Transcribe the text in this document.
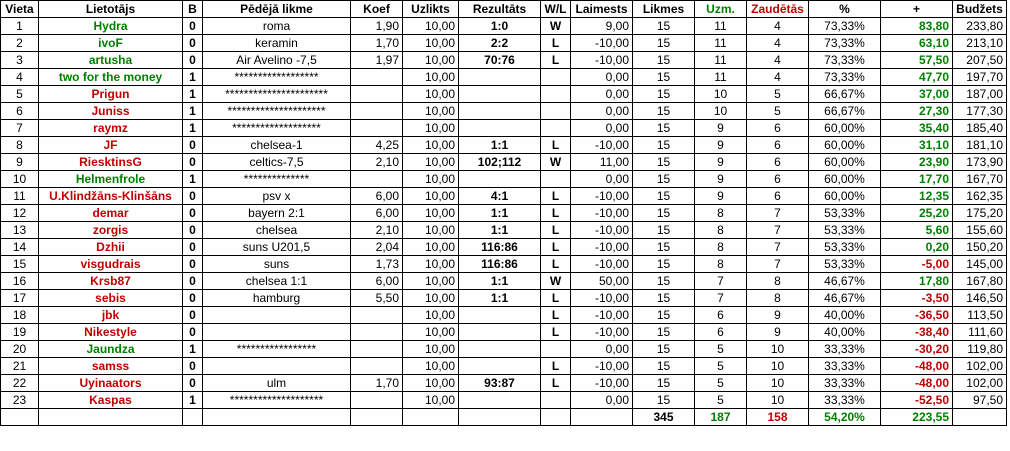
Vieta	Lietotājs	B	Pēdējā likme	Koef	Uzlikts	Rezultāts	W/L	Laimests	Likmes	Uzm.	Zaudētās	%	+	Budžets
1	Hydra	0	roma	1,90	10,00	1:0	W	9,00	15	11	4	73,33%	83,80	233,80
2	ivoF	0	keramin	1,70	10,00	2:2	L	-10,00	15	11	4	73,33%	63,10	213,10
3	artusha	0	Air Avelino -7,5	1,97	10,00	70:76	L	-10,00	15	11	4	73,33%	57,50	207,50
4	two for the money	1	******************		10,00			0,00	15	11	4	73,33%	47,70	197,70
5	Prigun	1	**********************		10,00			0,00	15	10	5	66,67%	37,00	187,00
6	Juniss	1	*********************		10,00			0,00	15	10	5	66,67%	27,30	177,30
7	raymz	1	*******************		10,00			0,00	15	9	6	60,00%	35,40	185,40
8	JF	0	chelsea-1	4,25	10,00	1:1	L	-10,00	15	9	6	60,00%	31,10	181,10
9	RiesktinsG	0	celtics-7,5	2,10	10,00	102;112	W	11,00	15	9	6	60,00%	23,90	173,90
10	Helmenfrole	1	**************		10,00			0,00	15	9	6	60,00%	17,70	167,70
11	U.Klindžāns-Klinšāns	0	psv x	6,00	10,00	4:1	L	-10,00	15	9	6	60,00%	12,35	162,35
12	demar	0	bayern 2:1	6,00	10,00	1:1	L	-10,00	15	8	7	53,33%	25,20	175,20
13	zorgis	0	chelsea	2,10	10,00	1:1	L	-10,00	15	8	7	53,33%	5,60	155,60
14	Dzhii	0	suns U201,5	2,04	10,00	116:86	L	-10,00	15	8	7	53,33%	0,20	150,20
15	visgudrais	0	suns	1,73	10,00	116:86	L	-10,00	15	8	7	53,33%	-5,00	145,00
16	Krsb87	0	chelsea 1:1	6,00	10,00	1:1	W	50,00	15	7	8	46,67%	17,80	167,80
17	sebis	0	hamburg	5,50	10,00	1:1	L	-10,00	15	7	8	46,67%	-3,50	146,50
18	jbk	0			10,00		L	-10,00	15	6	9	40,00%	-36,50	113,50
19	Nikestyle	0			10,00		L	-10,00	15	6	9	40,00%	-38,40	111,60
20	Jaundza	1	*****************		10,00			0,00	15	5	10	33,33%	-30,20	119,80
21	samss	0			10,00		L	-10,00	15	5	10	33,33%	-48,00	102,00
22	Uyinaators	0	ulm	1,70	10,00	93:87	L	-10,00	15	5	10	33,33%	-48,00	102,00
23	Kaspas	1	********************		10,00			0,00	15	5	10	33,33%	-52,50	97,50
									345	187	158	54,20%	223,55	
